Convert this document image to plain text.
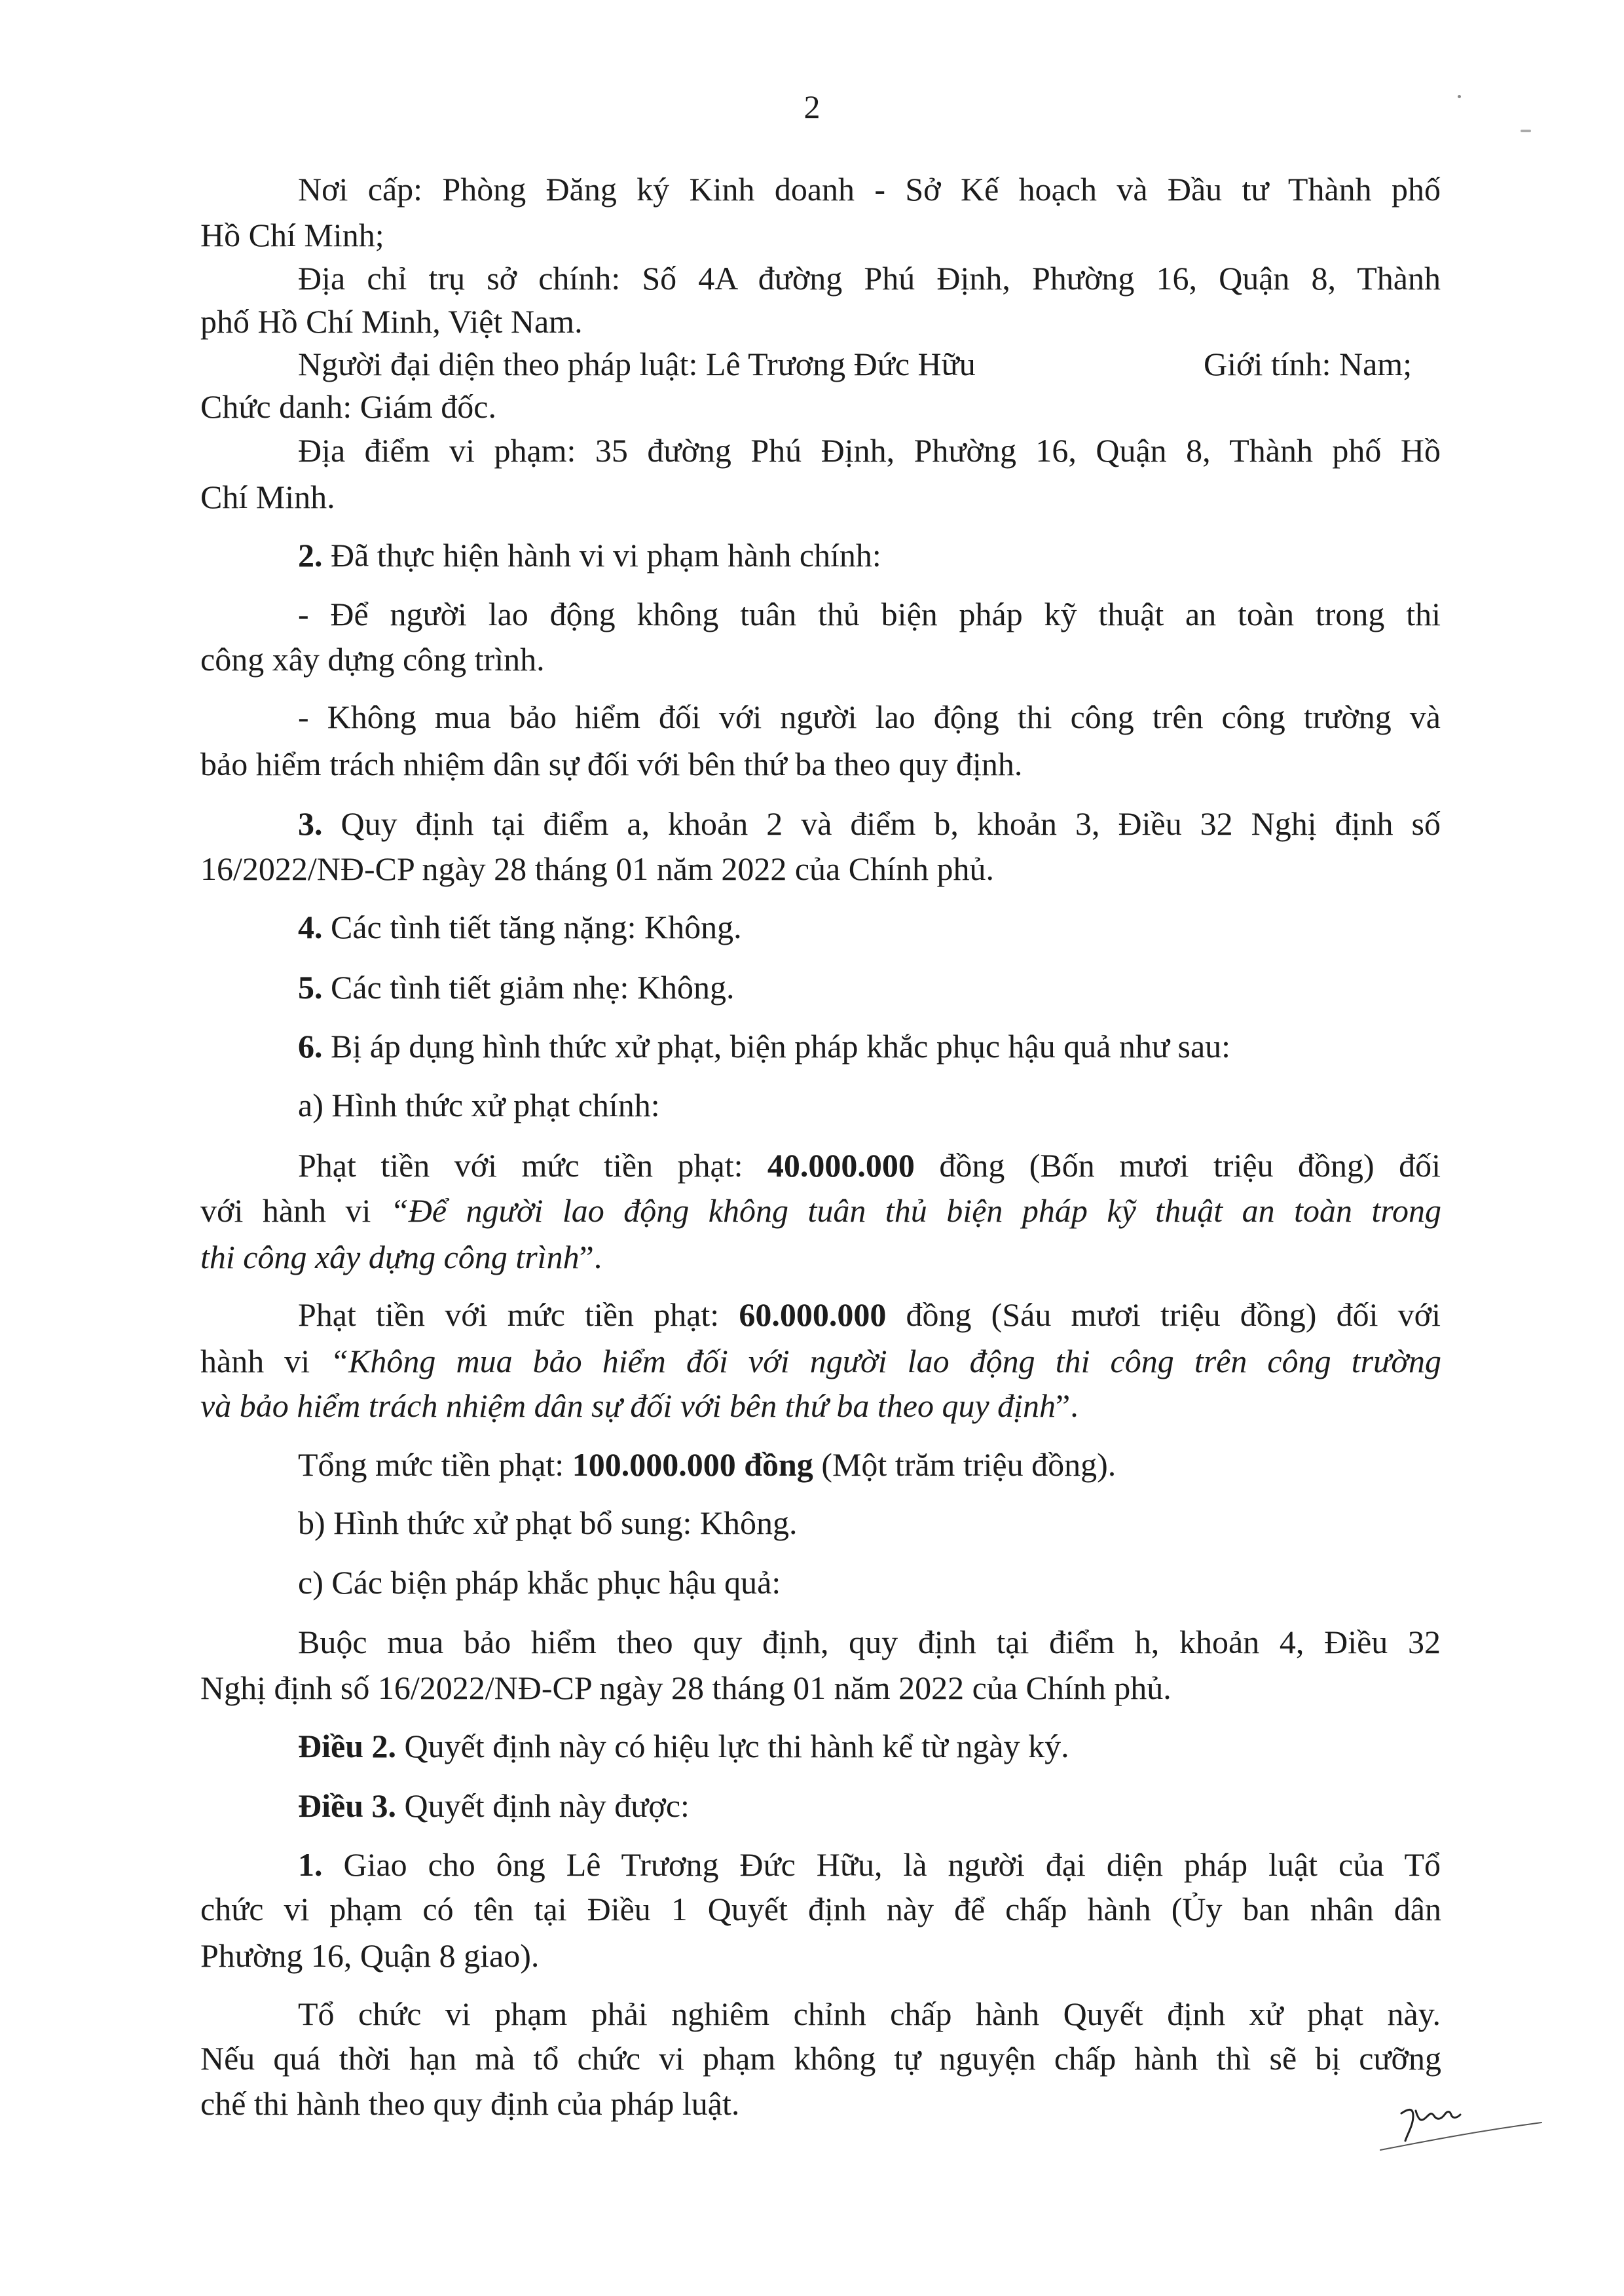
2
Nơi cấp: Phòng Đăng ký Kinh doanh - Sở Kế hoạch và Đầu tư Thành phố
Hồ Chí Minh;
Địa chỉ trụ sở chính: Số 4A đường Phú Định, Phường 16, Quận 8, Thành
phố Hồ Chí Minh, Việt Nam.
Người đại diện theo pháp luật: Lê Trương Đức Hữu	Giới tính: Nam;
Chức danh: Giám đốc.
Địa điểm vi phạm: 35 đường Phú Định, Phường 16, Quận 8, Thành phố Hồ
Chí Minh.
2. Đã thực hiện hành vi vi phạm hành chính:
- Để người lao động không tuân thủ biện pháp kỹ thuật an toàn trong thi
công xây dựng công trình.
- Không mua bảo hiểm đối với người lao động thi công trên công trường và
bảo hiểm trách nhiệm dân sự đối với bên thứ ba theo quy định.
3. Quy định tại điểm a, khoản 2 và điểm b, khoản 3, Điều 32 Nghị định số
16/2022/NĐ-CP ngày 28 tháng 01 năm 2022 của Chính phủ.
4. Các tình tiết tăng nặng: Không.
5. Các tình tiết giảm nhẹ: Không.
6. Bị áp dụng hình thức xử phạt, biện pháp khắc phục hậu quả như sau:
a) Hình thức xử phạt chính:
Phạt tiền với mức tiền phạt: 40.000.000 đồng (Bốn mươi triệu đồng) đối
với hành vi “Để người lao động không tuân thủ biện pháp kỹ thuật an toàn trong
thi công xây dựng công trình”.
Phạt tiền với mức tiền phạt: 60.000.000 đồng (Sáu mươi triệu đồng) đối với
hành vi “Không mua bảo hiểm đối với người lao động thi công trên công trường
và bảo hiểm trách nhiệm dân sự đối với bên thứ ba theo quy định”.
Tổng mức tiền phạt: 100.000.000 đồng (Một trăm triệu đồng).
b) Hình thức xử phạt bổ sung: Không.
c) Các biện pháp khắc phục hậu quả:
Buộc mua bảo hiểm theo quy định, quy định tại điểm h, khoản 4, Điều 32
Nghị định số 16/2022/NĐ-CP ngày 28 tháng 01 năm 2022 của Chính phủ.
Điều 2. Quyết định này có hiệu lực thi hành kể từ ngày ký.
Điều 3. Quyết định này được:
1. Giao cho ông Lê Trương Đức Hữu, là người đại diện pháp luật của Tổ
chức vi phạm có tên tại Điều 1 Quyết định này để chấp hành (Ủy ban nhân dân
Phường 16, Quận 8 giao).
Tổ chức vi phạm phải nghiêm chỉnh chấp hành Quyết định xử phạt này.
Nếu quá thời hạn mà tổ chức vi phạm không tự nguyện chấp hành thì sẽ bị cưỡng
chế thi hành theo quy định của pháp luật.
